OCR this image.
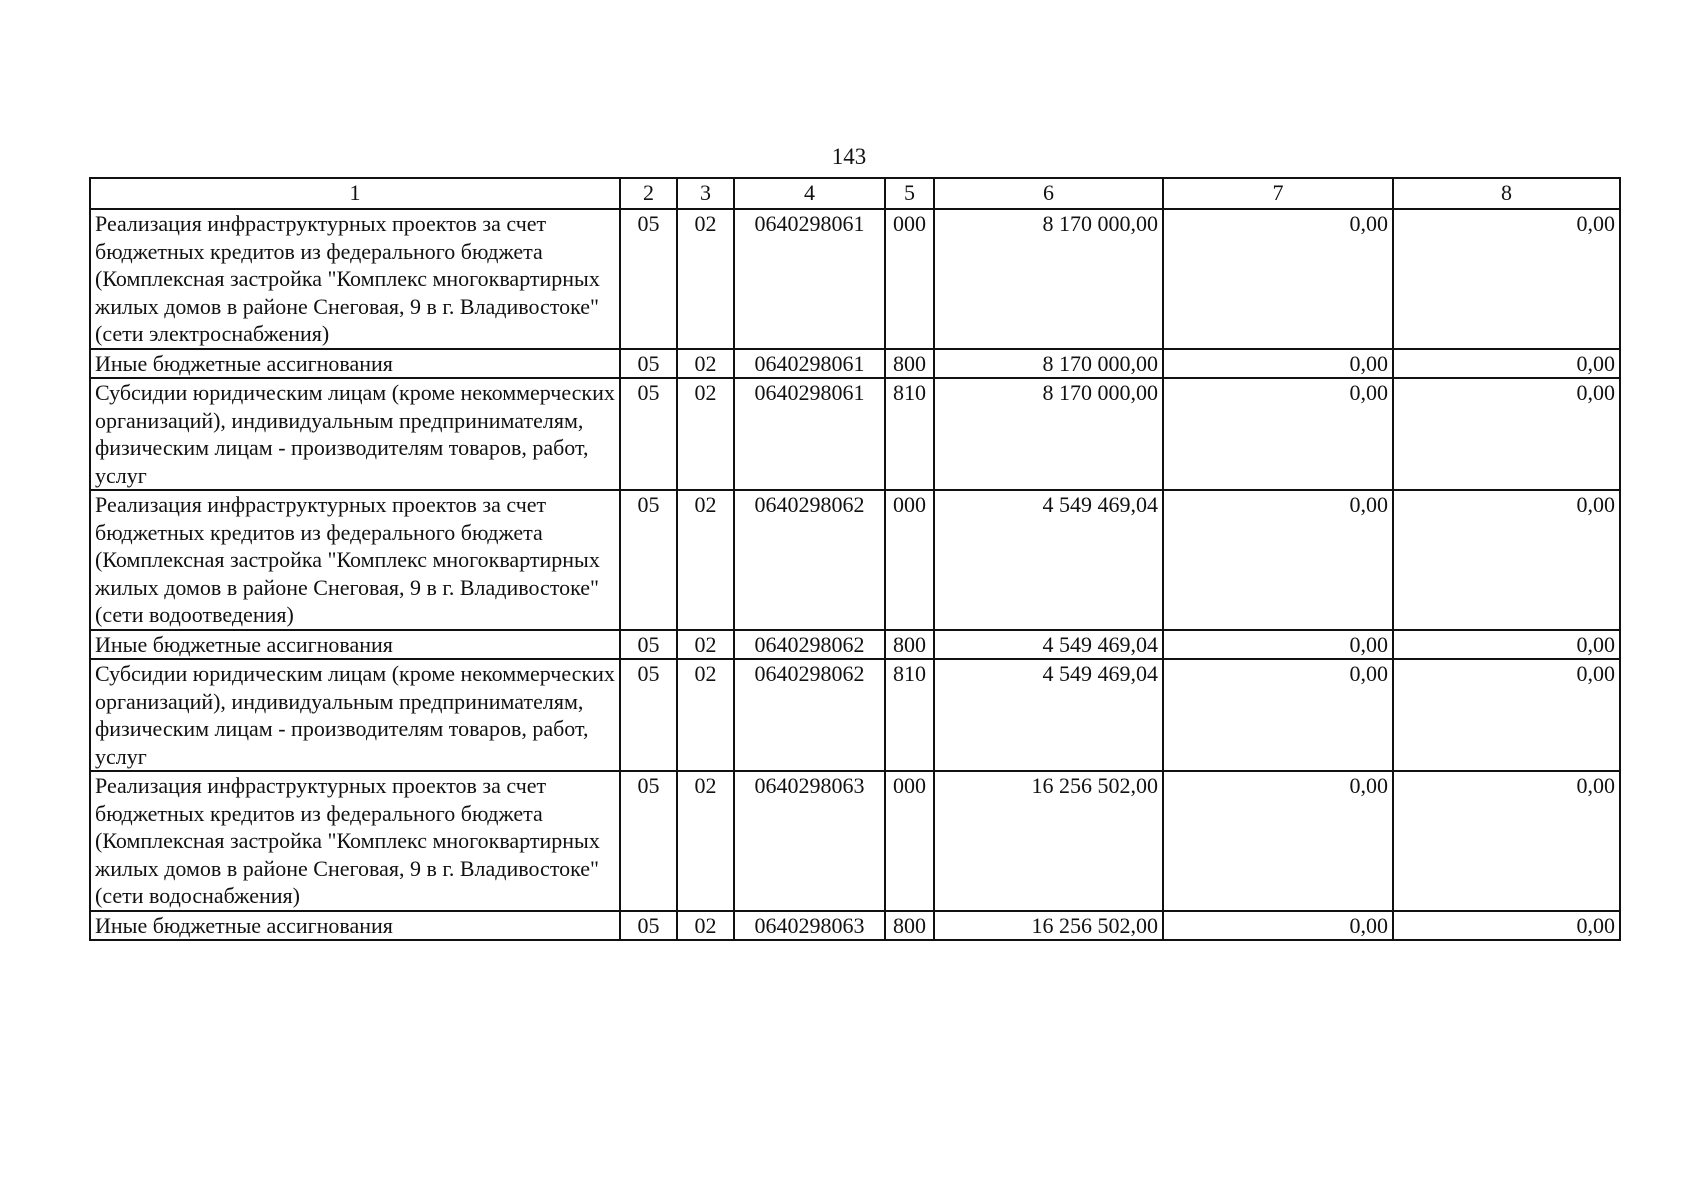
143
1	2	3	4	5	6	7	8
Реализация инфраструктурных проектов за счет бюджетных кредитов из федерального бюджета (Комплексная застройка "Комплекс многоквартирных жилых домов в районе Снеговая, 9 в г. Владивостоке" (сети электроснабжения)	05	02	0640298061	000	8 170 000,00	0,00	0,00
Иные бюджетные ассигнования	05	02	0640298061	800	8 170 000,00	0,00	0,00
Субсидии юридическим лицам (кроме некоммерческих организаций), индивидуальным предпринимателям, физическим лицам - производителям товаров, работ, услуг	05	02	0640298061	810	8 170 000,00	0,00	0,00
Реализация инфраструктурных проектов за счет бюджетных кредитов из федерального бюджета (Комплексная застройка "Комплекс многоквартирных жилых домов в районе Снеговая, 9 в г. Владивостоке" (сети водоотведения)	05	02	0640298062	000	4 549 469,04	0,00	0,00
Иные бюджетные ассигнования	05	02	0640298062	800	4 549 469,04	0,00	0,00
Субсидии юридическим лицам (кроме некоммерческих организаций), индивидуальным предпринимателям, физическим лицам - производителям товаров, работ, услуг	05	02	0640298062	810	4 549 469,04	0,00	0,00
Реализация инфраструктурных проектов за счет бюджетных кредитов из федерального бюджета (Комплексная застройка "Комплекс многоквартирных жилых домов в районе Снеговая, 9 в г. Владивостоке" (сети водоснабжения)	05	02	0640298063	000	16 256 502,00	0,00	0,00
Иные бюджетные ассигнования	05	02	0640298063	800	16 256 502,00	0,00	0,00
